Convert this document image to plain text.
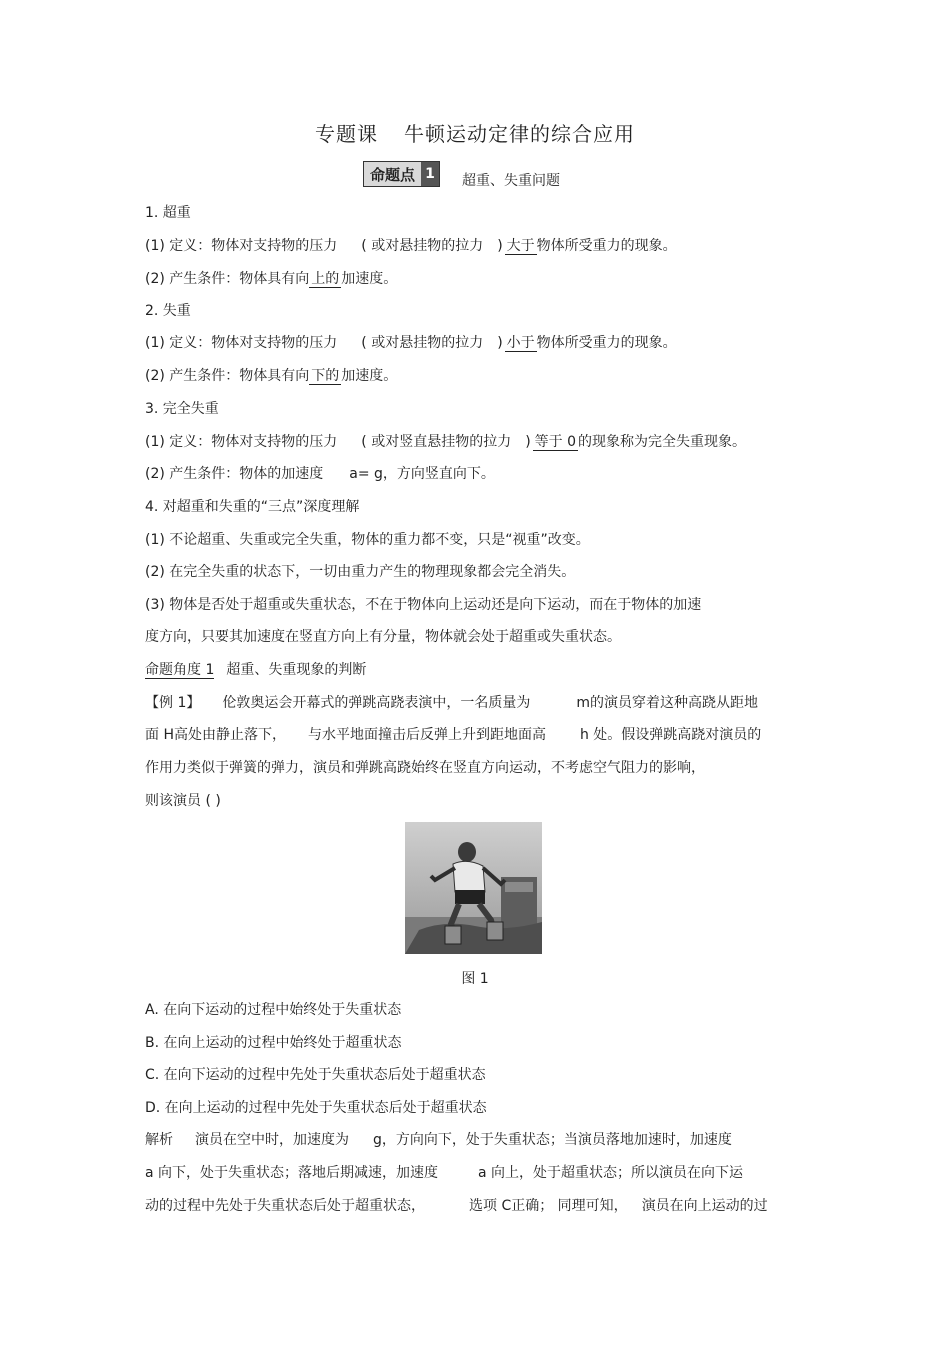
专题课 牛顿运动定律的综合应用
命题点 1 超重、失重问题
1. 超重
(1) 定义：物体对支持物的压力 ( 或对悬挂物的拉力 ) 大于 物体所受重力的现象。
(2) 产生条件：物体具有向 上的 加速度。
2. 失重
(1) 定义：物体对支持物的压力 ( 或对悬挂物的拉力 ) 小于 物体所受重力的现象。
(2) 产生条件：物体具有向 下的 加速度。
3. 完全失重
(1) 定义：物体对支持物的压力 ( 或对竖直悬挂物的拉力 ) 等于 0 的现象称为完全失重现象。
(2) 产生条件：物体的加速度 a= g，方向竖直向下。
4. 对超重和失重的“三点”深度理解
(1) 不论超重、失重或完全失重，物体的重力都不变，只是“视重”改变。
(2) 在完全失重的状态下，一切由重力产生的物理现象都会完全消失。
(3) 物体是否处于超重或失重状态，不在于物体向上运动还是向下运动，而在于物体的加速
度方向，只要其加速度在竖直方向上有分量，物体就会处于超重或失重状态。
命题角度 1 超重、失重现象的判断
【例 1】 伦敦奥运会开幕式的弹跳高跷表演中，一名质量为	m的演员穿着这种高跷从距地
面 H高处由静止落下， 与水平地面撞击后反弹上升到距地面高 h 处。假设弹跳高跷对演员的
作用力类似于弹簧的弹力，演员和弹跳高跷始终在竖直方向运动，不考虑空气阻力的影响，
则该演员 ( )
图 1
A. 在向下运动的过程中始终处于失重状态
B. 在向上运动的过程中始终处于超重状态
C. 在向下运动的过程中先处于失重状态后处于超重状态
D. 在向上运动的过程中先处于失重状态后处于超重状态
解析 演员在空中时，加速度为 g，方向向下，处于失重状态；当演员落地加速时，加速度
a 向下，处于失重状态；落地后期减速，加速度	a 向上，处于超重状态；所以演员在向下运
动的过程中先处于失重状态后处于超重状态，	选项 C正确； 同理可知， 演员在向上运动的过
